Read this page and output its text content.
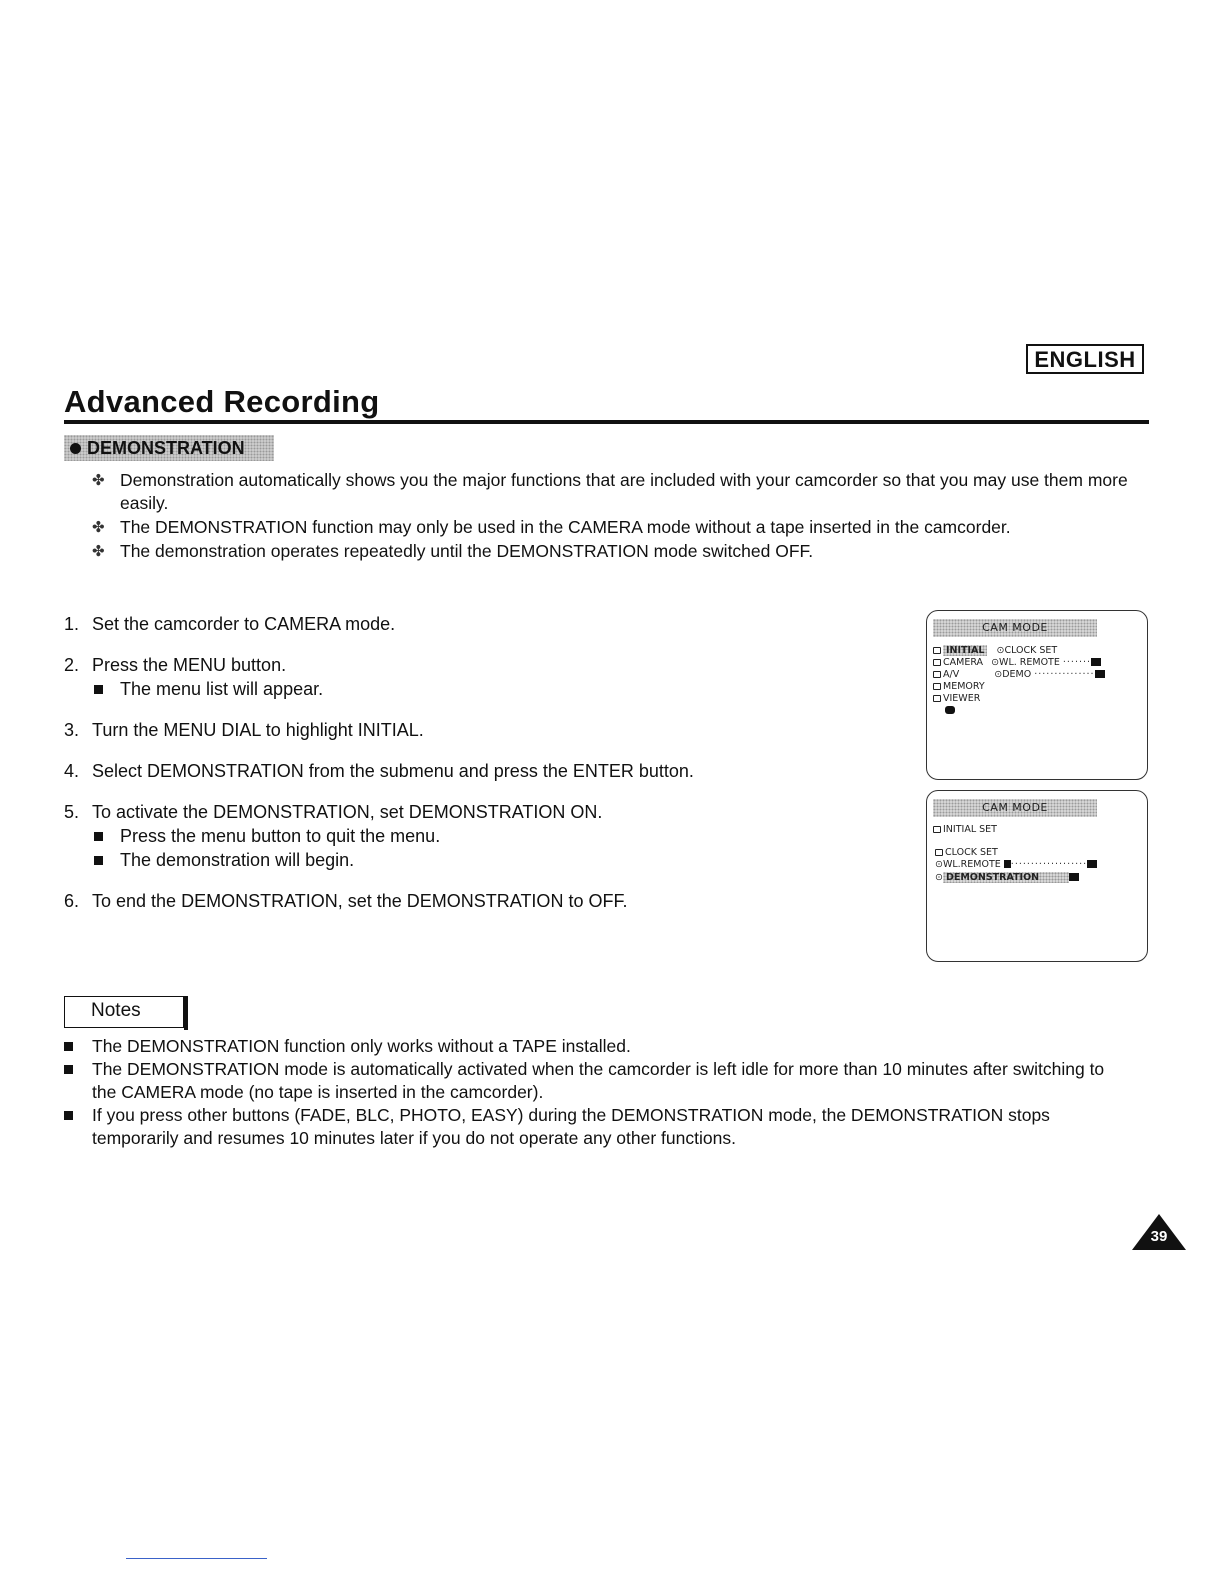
ENGLISH
Advanced Recording
DEMONSTRATION
✤ Demonstration automatically shows you the major functions that are included with your camcorder so that you may use them more easily.
✤ The DEMONSTRATION function may only be used in the CAMERA mode without a tape inserted in the camcorder.
✤ The demonstration operates repeatedly until the DEMONSTRATION mode switched OFF.
1. Set the camcorder to CAMERA mode.
2. Press the MENU button.
The menu list will appear.
3. Turn the MENU DIAL to highlight INITIAL.
4. Select DEMONSTRATION from the submenu and press the ENTER button.
5. To activate the DEMONSTRATION, set DEMONSTRATION ON.
Press the menu button to quit the menu.
The demonstration will begin.
6. To end the DEMONSTRATION, set the DEMONSTRATION to OFF.
CAM MODE
INITIAL ⊙CLOCK SET
CAMERA ⊙WL. REMOTE ·······
A/V	⊙DEMO ···············
MEMORY
VIEWER
CAM MODE
INITIAL SET
CLOCK SET
⊙WL.REMOTE ···················
⊙ DEMONSTRATION
Notes
The DEMONSTRATION function only works without a TAPE installed.
The DEMONSTRATION mode is automatically activated when the camcorder is left idle for more than 10 minutes after switching to the CAMERA mode (no tape is inserted in the camcorder).
If you press other buttons (FADE, BLC, PHOTO, EASY) during the DEMONSTRATION mode, the DEMONSTRATION stops temporarily and resumes 10 minutes later if you do not operate any other functions.
39
